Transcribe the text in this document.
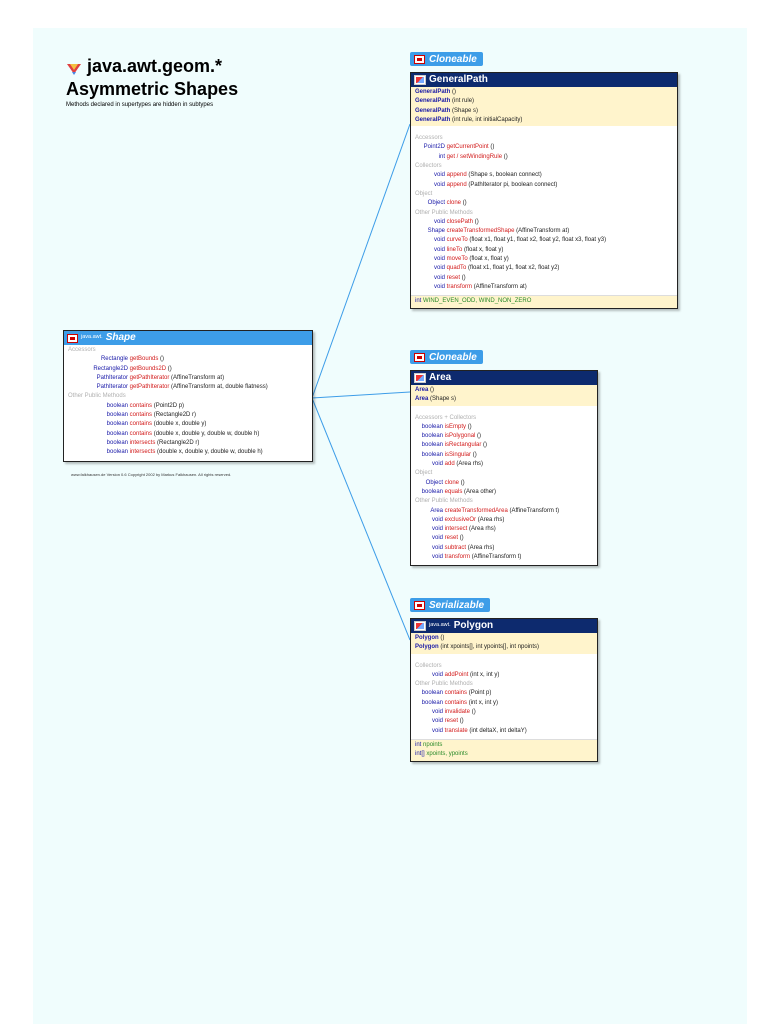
java.awt.geom.*
Asymmetric Shapes
Methods declared in supertypes are hidden in subtypes
java.awt. Shape
Accessors
Rectangle getBounds ()
Rectangle2D getBounds2D ()
PathIterator getPathIterator (AffineTransform at)
PathIterator getPathIterator (AffineTransform at, double flatness)
Other Public Methods
boolean contains (Point2D p)
boolean contains (Rectangle2D r)
boolean contains (double x, double y)
boolean contains (double x, double y, double w, double h)
boolean intersects (Rectangle2D r)
boolean intersects (double x, double y, double w, double h)
www.falkhausen.de Version 0.6 Copyright 2002 by Markus Falkhausen. All rights reserved.
Cloneable
GeneralPath
GeneralPath ()
GeneralPath (int rule)
GeneralPath (Shape s)
GeneralPath (int rule, int initialCapacity)
Accessors
Point2D getCurrentPoint ()
int get / setWindingRule ()
Collectors
void append (Shape s, boolean connect)
void append (PathIterator pi, boolean connect)
Object
Object clone ()
Other Public Methods
void closePath ()
Shape createTransformedShape (AffineTransform at)
void curveTo (float x1, float y1, float x2, float y2, float x3, float y3)
void lineTo (float x, float y)
void moveTo (float x, float y)
void quadTo (float x1, float y1, float x2, float y2)
void reset ()
void transform (AffineTransform at)
int WIND_EVEN_ODD, WIND_NON_ZERO
Cloneable
Area
Area ()
Area (Shape s)
Accessors + Collectors
boolean isEmpty ()
boolean isPolygonal ()
boolean isRectangular ()
boolean isSingular ()
void add (Area rhs)
Object
Object clone ()
boolean equals (Area other)
Other Public Methods
Area createTransformedArea (AffineTransform t)
void exclusiveOr (Area rhs)
void intersect (Area rhs)
void reset ()
void subtract (Area rhs)
void transform (AffineTransform t)
Serializable
java.awt. Polygon
Polygon ()
Polygon (int xpoints[], int ypoints[], int npoints)
Collectors
void addPoint (int x, int y)
Other Public Methods
boolean contains (Point p)
boolean contains (int x, int y)
void invalidate ()
void reset ()
void translate (int deltaX, int deltaY)
int npoints
int[] xpoints, ypoints
